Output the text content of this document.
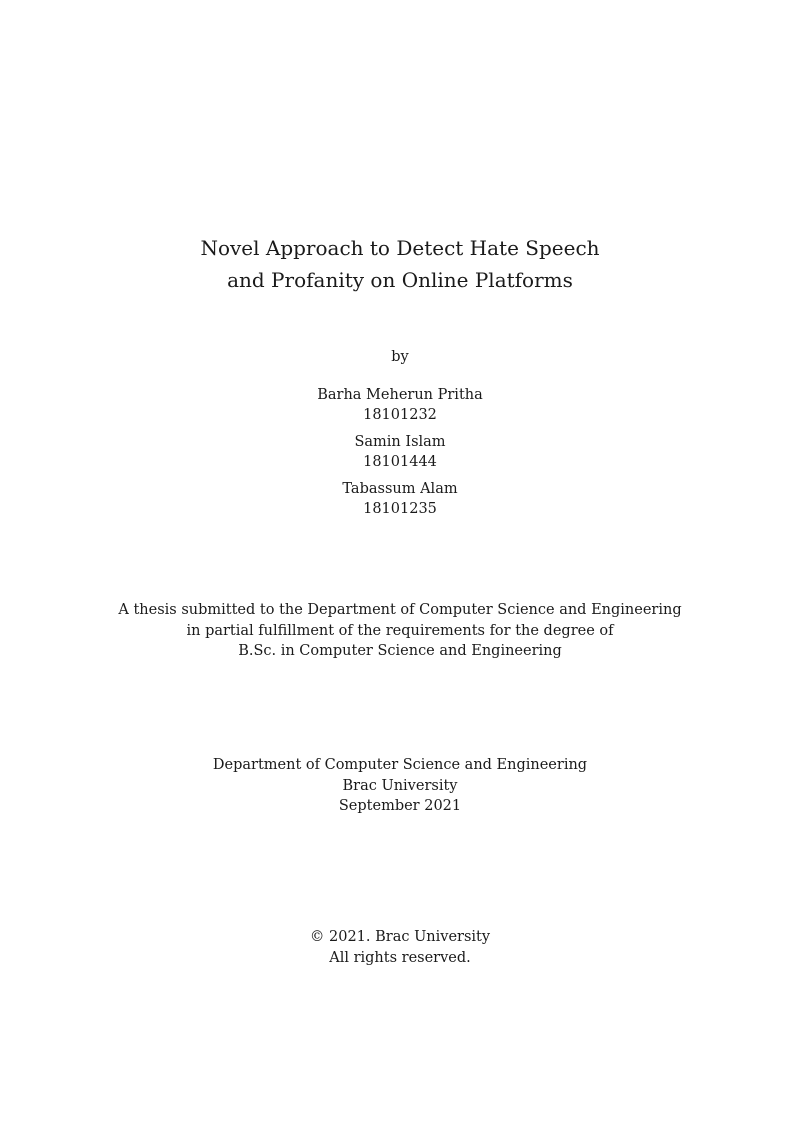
Novel Approach to Detect Hate Speech
and Profanity on Online Platforms
by
Barha Meherun Pritha
18101232
Samin Islam
18101444
Tabassum Alam
18101235
A thesis submitted to the Department of Computer Science and Engineering
in partial fulfillment of the requirements for the degree of
B.Sc. in Computer Science and Engineering
Department of Computer Science and Engineering
Brac University
September 2021
© 2021. Brac University
All rights reserved.
